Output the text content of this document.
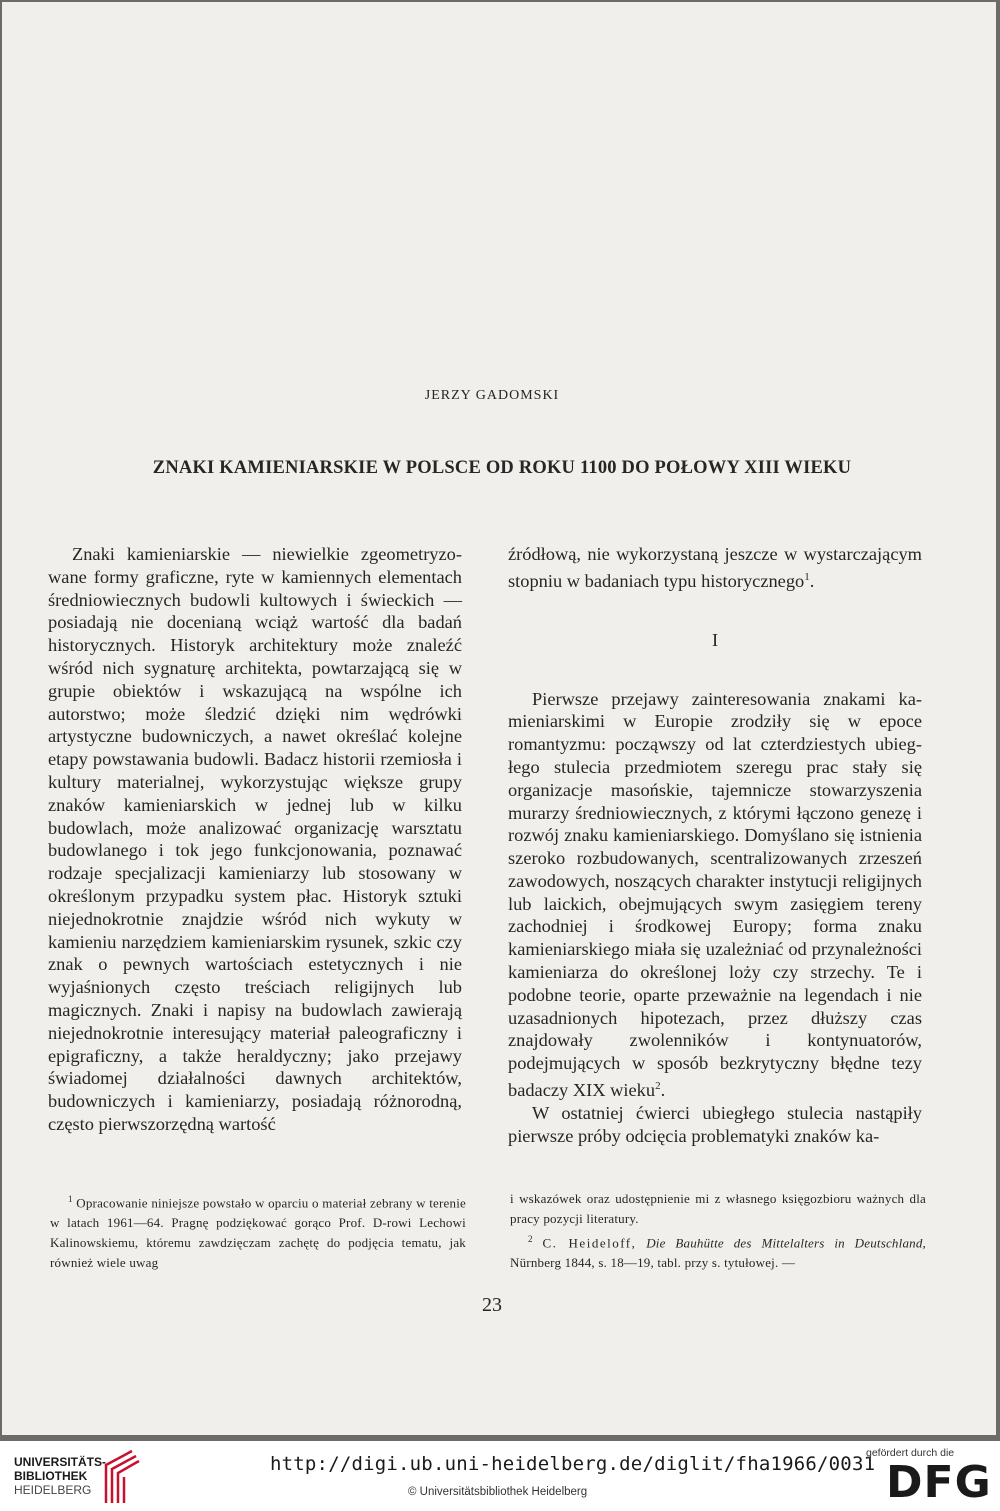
JERZY GADOMSKI
ZNAKI KAMIENIARSKIE W POLSCE OD ROKU 1100 DO POŁOWY XIII WIEKU

Znaki kamieniarskie — niewielkie zgeometryzowane formy graficzne, ryte w kamiennych elementach średniowiecznych budowli kultowych i świeckich — posiadają nie docenianą wciąż wartość dla badań historycznych. Historyk architektury może znaleźć wśród nich sygnaturę architekta, powtarzającą się w grupie obiektów i wskazującą na wspólne ich autorstwo; może śledzić dzięki nim wędrówki artystyczne budowniczych, a nawet określać kolejne etapy powstawania budowli. Badacz historii rzemiosła i kultury materialnej, wykorzystując większe grupy znaków kamieniarskich w jednej lub w kilku budowlach, może analizować organizację warsztatu budowlanego i tok jego funkcjonowania, poznawać rodzaje specjalizacji kamieniarzy lub stosowany w określonym przypadku system płac. Historyk sztuki niejednokrotnie znajdzie wśród nich wykuty w kamieniu narzędziem kamieniarskim rysunek, szkic czy znak o pewnych wartościach estetycznych i nie wyjaśnionych często treściach religijnych lub magicznych. Znaki i napisy na budowlach zawierają niejednokrotnie interesujący materiał paleograficzny i epigraficzny, a także heraldyczny; jako przejawy świadomej działalności dawnych architektów, budowniczych i kamieniarzy, posiadają różnorodną, często pierwszorzędną wartość

źródłową, nie wykorzystaną jeszcze w wystarczającym stopniu w badaniach typu historycznego$^1$.

I

Pierwsze przejawy zainteresowania znakami kamieniarskimi w Europie zrodziły się w epoce romantyzmu: począwszy od lat czterdziestych ubiegłego stulecia przedmiotem szeregu prac stały się organizacje masońskie, tajemnicze stowarzyszenia murarzy średniowiecznych, z którymi łączono genezę i rozwój znaku kamieniarskiego. Domyślano się istnienia szeroko rozbudowanych, scentralizowanych zrzeszeń zawodowych, noszących charakter instytucji religijnych lub laickich, obejmujących swym zasięgiem tereny zachodniej i środkowej Europy; forma znaku kamieniarskiego miała się uzależniać od przynależności kamieniarza do określonej loży czy strzechy. Te i podobne teorie, oparte przeważnie na legendach i nie uzasadnionych hipotezach, przez dłuższy czas znajdowały zwolenników i kontynuatorów, podejmujących w sposób bezkrytyczny błędne tezy badaczy XIX wieku$^2$.

W ostatniej ćwierci ubiegłego stulecia nastąpiły pierwsze próby odcięcia problematyki znaków ka-

$^1$ Opracowanie niniejsze powstało w oparciu o materiał zebrany w terenie w latach 1961—64. Pragnę podziękować gorąco Prof. D-rowi Lechowi Kalinowskiemu, któremu zawdzięczam zachętę do podjęcia tematu, jak również wiele uwag

i wskazówek oraz udostępnienie mi z własnego księgozbioru ważnych dla pracy pozycji literatury.

$^2$ C. Heideloff, Die Bauhütte des Mittelalters in Deutschland, Nürnberg 1844, s. 18—19, tabl. przy s. tytułowej. —

23
UNIVERSITÄTS-
BIBLIOTHEK
HEIDELBERG
http://digi.ub.uni-heidelberg.de/diglit/fha1966/0031
© Universitätsbibliothek Heidelberg
gefördert durch die
DFG
